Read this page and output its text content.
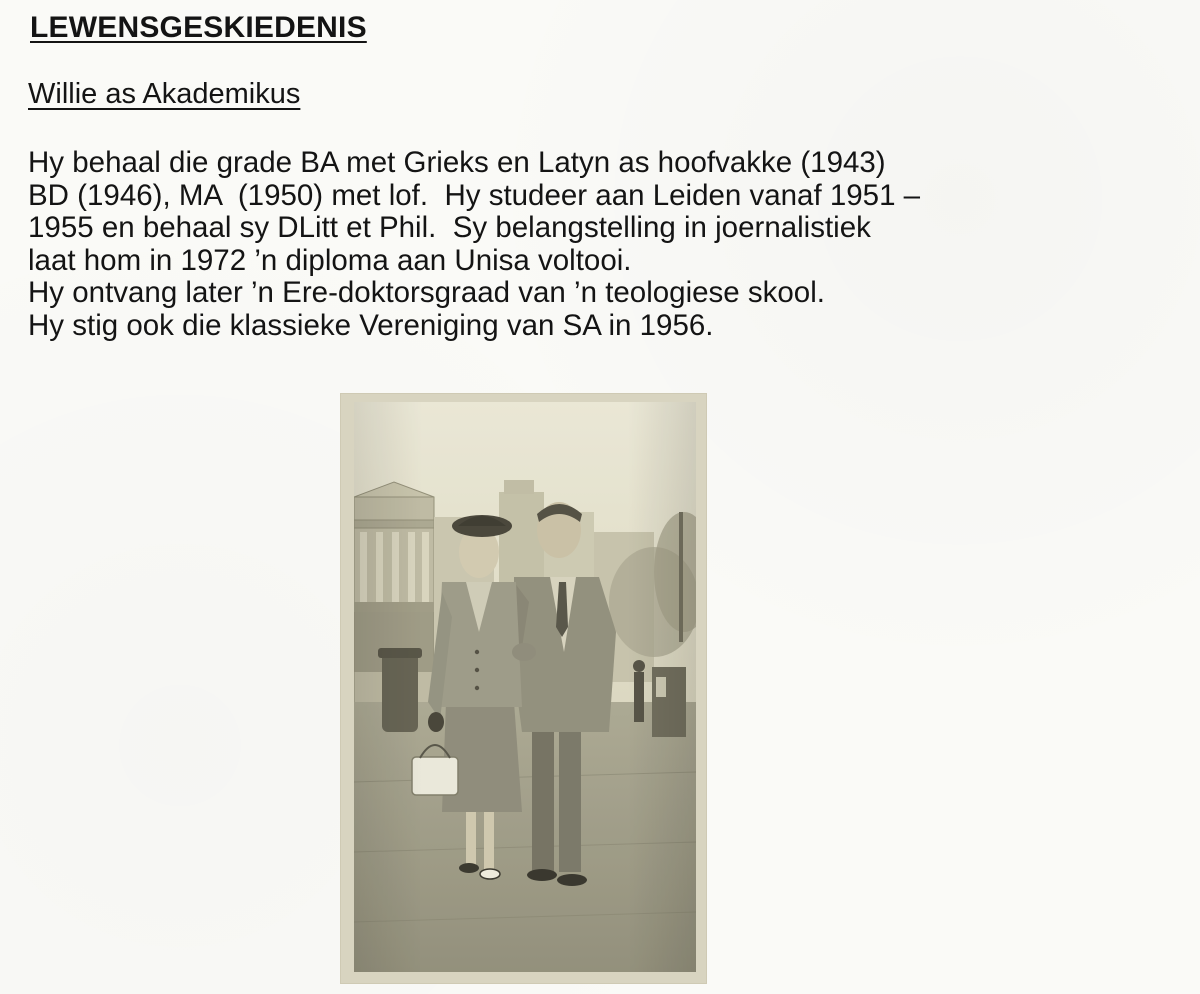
LEWENSGESKIEDENIS
Willie as Akademikus
Hy behaal die grade BA met Grieks en Latyn as hoofvakke (1943)
BD (1946), MA  (1950) met lof.  Hy studeer aan Leiden vanaf 1951 –
1955 en behaal sy DLitt et Phil.  Sy belangstelling in joernalistiek
laat hom in 1972 ’n diploma aan Unisa voltooi.
Hy ontvang later ’n Ere-doktorsgraad van ’n teologiese skool.
Hy stig ook die klassieke Vereniging van SA in 1956.
